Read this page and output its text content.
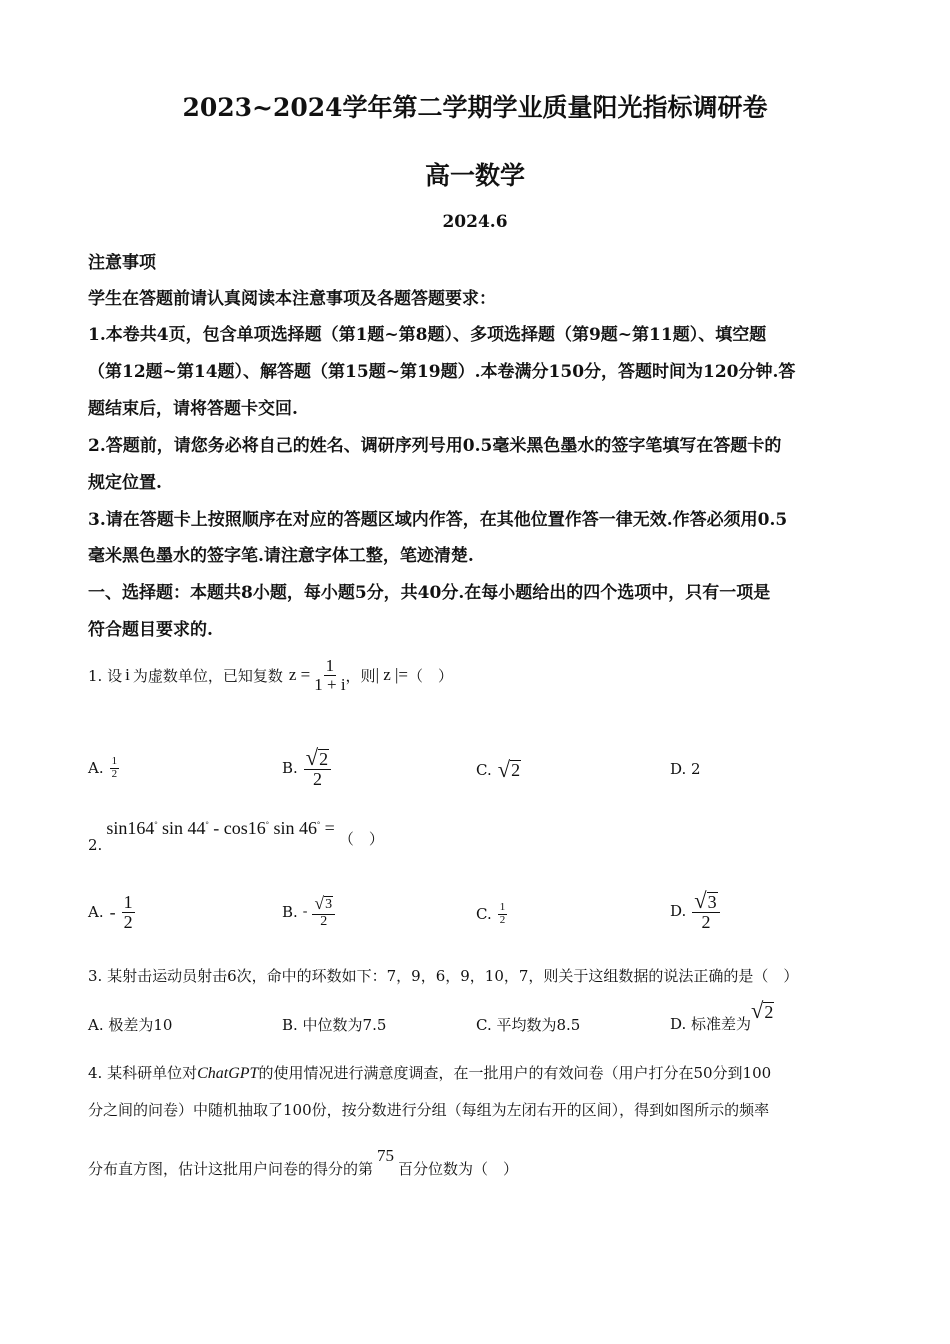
2023~2024学年第二学期学业质量阳光指标调研卷
高一数学
2024.6
注意事项
学生在答题前请认真阅读本注意事项及各题答题要求：
1.本卷共4页，包含单项选择题（第1题~第8题）、多项选择题（第9题~第11题）、填空题
（第12题~第14题）、解答题（第15题~第19题）.本卷满分150分，答题时间为120分钟.答
题结束后，请将答题卡交回.
2.答题前，请您务必将自己的姓名、调研序列号用0.5毫米黑色墨水的签字笔填写在答题卡的
规定位置.
3.请在答题卡上按照顺序在对应的答题区域内作答，在其他位置作答一律无效.作答必须用0.5
毫米黑色墨水的签字笔.请注意字体工整，笔迹清楚.
一、选择题：本题共8小题，每小题5分，共40分.在每小题给出的四个选项中，只有一项是
符合题目要求的.
1. 设 i 为虚数单位，已知复数 $z = \frac{1}{1 + i}$ ，则 | z |= （　）
A. $\frac{1}{2}$	B. $\frac{√ 2}{2}$	C. √ 2	D. 2
2.
sin164° sin 44° - cos16° sin 46° =
（　）
A. - $\frac{1}{2}$	B. - $\frac{√ 3}{2}$	C. $\frac{1}{2}$	D. $\frac{√ 3}{2}$
3. 某射击运动员射击6次，命中的环数如下：7，9，6，9，10，7，则关于这组数据的说法正确的是（　）
A. 极差为10	B. 中位数为7.5	C. 平均数为8.5	D. 标准差为
√ 2
4. 某科研单位对ChatGPT的使用情况进行满意度调查，在一批用户的有效问卷（用户打分在50分到100
分之间的问卷）中随机抽取了100份，按分数进行分组（每组为左闭右开的区间），得到如图所示的频率
分布直方图，估计这批用户问卷的得分的第
75
百分位数为（　）
